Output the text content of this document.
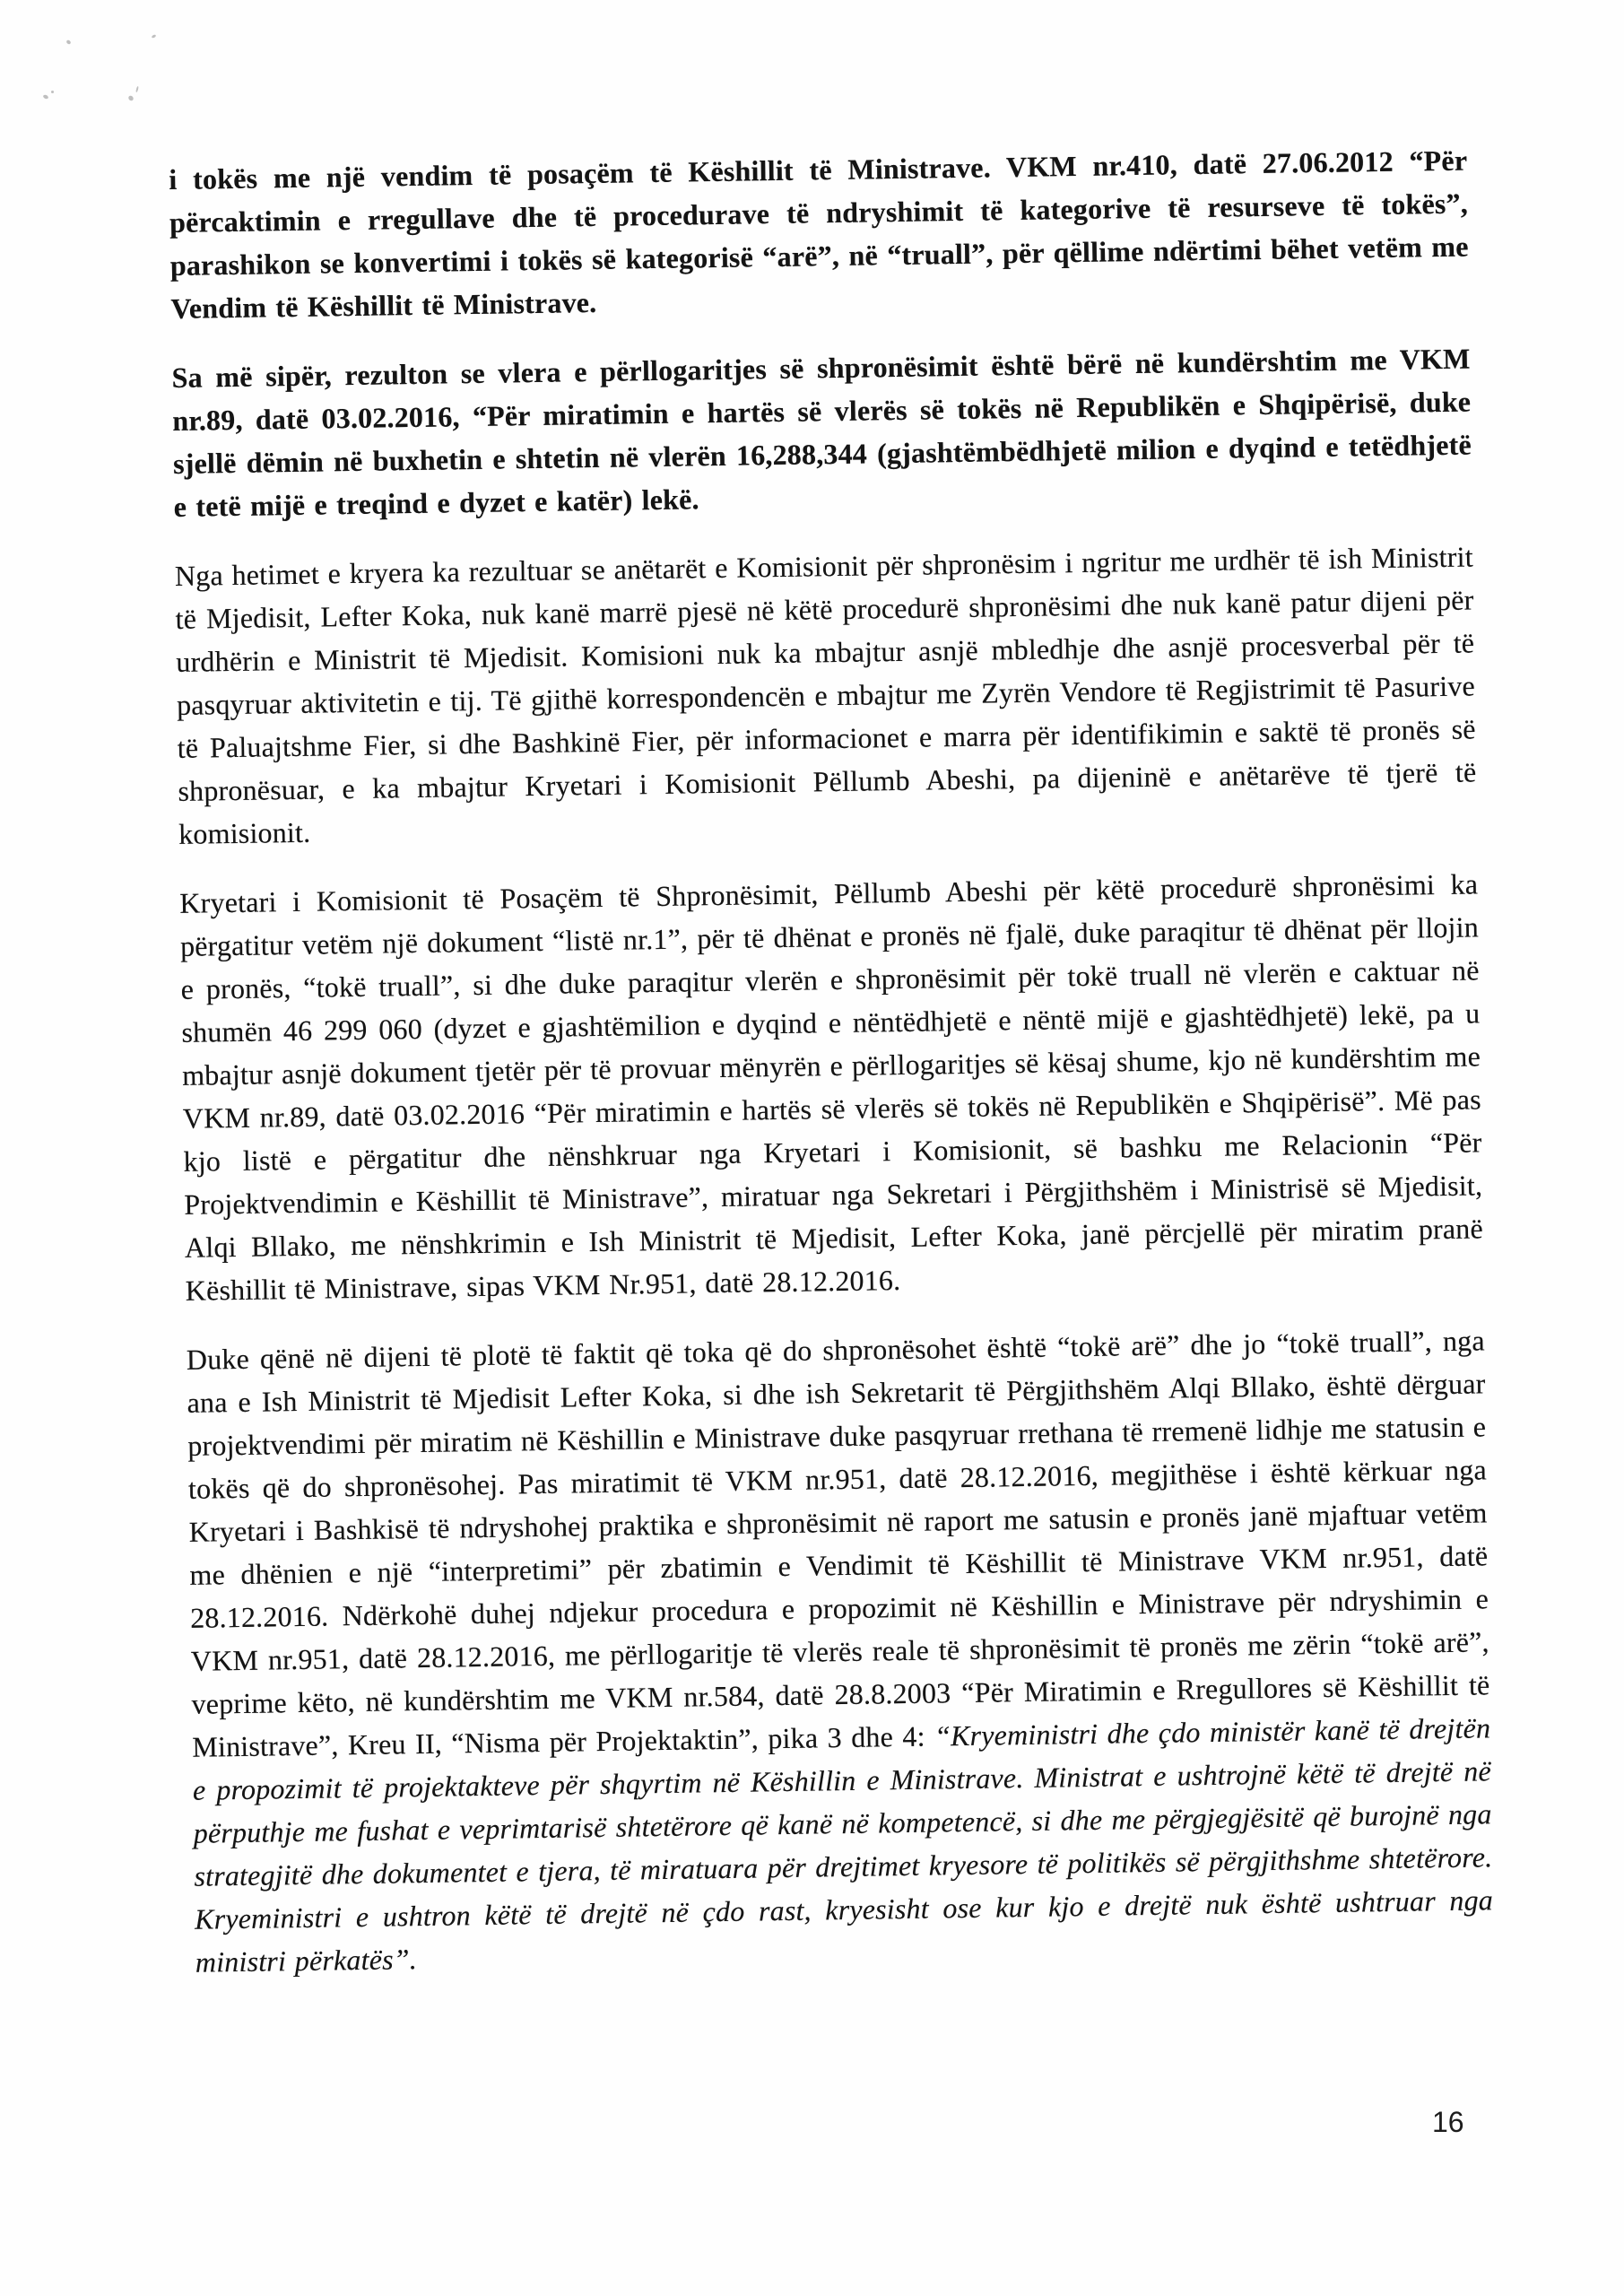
i tokës me një vendim të posaçëm të Këshillit të Ministrave. VKM nr.410, datë 27.06.2012 “Për përcaktimin e rregullave dhe të procedurave të ndryshimit të kategorive të resurseve të tokës”, parashikon se konvertimi i tokës së kategorisë “arë”, në “truall”, për qëllime ndërtimi bëhet vetëm me Vendim të Këshillit të Ministrave.

Sa më sipër, rezulton se vlera e përllogaritjes së shpronësimit është bërë në kundërshtim me VKM nr.89, datë 03.02.2016, “Për miratimin e hartës së vlerës së tokës në Republikën e Shqipërisë, duke sjellë dëmin në buxhetin e shtetin në vlerën 16,288,344 (gjashtëmbëdhjetë milion e dyqind e tetëdhjetë e tetë mijë e treqind e dyzet e katër) lekë.

Nga hetimet e kryera ka rezultuar se anëtarët e Komisionit për shpronësim i ngritur me urdhër të ish Ministrit të Mjedisit, Lefter Koka, nuk kanë marrë pjesë në këtë procedurë shpronësimi dhe nuk kanë patur dijeni për urdhërin e Ministrit të Mjedisit. Komisioni nuk ka mbajtur asnjë mbledhje dhe asnjë procesverbal për të pasqyruar aktivitetin e tij. Të gjithë korrespondencën e mbajtur me Zyrën Vendore të Regjistrimit të Pasurive të Paluajtshme Fier, si dhe Bashkinë Fier, për informacionet e marra për identifikimin e saktë të pronës së shpronësuar, e ka mbajtur Kryetari i Komisionit Pëllumb Abeshi, pa dijeninë e anëtarëve të tjerë të komisionit.

Kryetari i Komisionit të Posaçëm të Shpronësimit, Pëllumb Abeshi për këtë procedurë shpronësimi ka përgatitur vetëm një dokument “listë nr.1”, për të dhënat e pronës në fjalë, duke paraqitur të dhënat për llojin e pronës, “tokë truall”, si dhe duke paraqitur vlerën e shpronësimit për tokë truall në vlerën e caktuar në shumën 46 299 060 (dyzet e gjashtëmilion e dyqind e nëntëdhjetë e nëntë mijë e gjashtëdhjetë) lekë, pa u mbajtur asnjë dokument tjetër për të provuar mënyrën e përllogaritjes së kësaj shume, kjo në kundërshtim me VKM nr.89, datë 03.02.2016 “Për miratimin e hartës së vlerës së tokës në Republikën e Shqipërisë”. Më pas kjo listë e përgatitur dhe nënshkruar nga Kryetari i Komisionit, së bashku me Relacionin “Për Projektvendimin e Këshillit të Ministrave”, miratuar nga Sekretari i Përgjithshëm i Ministrisë së Mjedisit, Alqi Bllako, me nënshkrimin e Ish Ministrit të Mjedisit, Lefter Koka, janë përcjellë për miratim pranë Këshillit të Ministrave, sipas VKM Nr.951, datë 28.12.2016.

Duke qënë në dijeni të plotë të faktit që toka që do shpronësohet është “tokë arë” dhe jo “tokë truall”, nga ana e Ish Ministrit të Mjedisit Lefter Koka, si dhe ish Sekretarit të Përgjithshëm Alqi Bllako, është dërguar projektvendimi për miratim në Këshillin e Ministrave duke pasqyruar rrethana të rremenë lidhje me statusin e tokës që do shpronësohej. Pas miratimit të VKM nr.951, datë 28.12.2016, megjithëse i është kërkuar nga Kryetari i Bashkisë të ndryshohej praktika e shpronësimit në raport me satusin e pronës janë mjaftuar vetëm me dhënien e një “interpretimi” për zbatimin e Vendimit të Këshillit të Ministrave VKM nr.951, datë 28.12.2016. Ndërkohë duhej ndjekur procedura e propozimit në Këshillin e Ministrave për ndryshimin e VKM nr.951, datë 28.12.2016, me përllogaritje të vlerës reale të shpronësimit të pronës me zërin “tokë arë”, veprime këto, në kundërshtim me VKM nr.584, datë 28.8.2003 “Për Miratimin e Rregullores së Këshillit të Ministrave”, Kreu II, “Nisma për Projektaktin”, pika 3 dhe 4: “Kryeministri dhe çdo ministër kanë të drejtën e propozimit të projektakteve për shqyrtim në Këshillin e Ministrave. Ministrat e ushtrojnë këtë të drejtë në përputhje me fushat e veprimtarisë shtetërore që kanë në kompetencë, si dhe me përgjegjësitë që burojnë nga strategjitë dhe dokumentet e tjera, të miratuara për drejtimet kryesore të politikës së përgjithshme shtetërore. Kryeministri e ushtron këtë të drejtë në çdo rast, kryesisht ose kur kjo e drejtë nuk është ushtruar nga ministri përkatës”.

16
